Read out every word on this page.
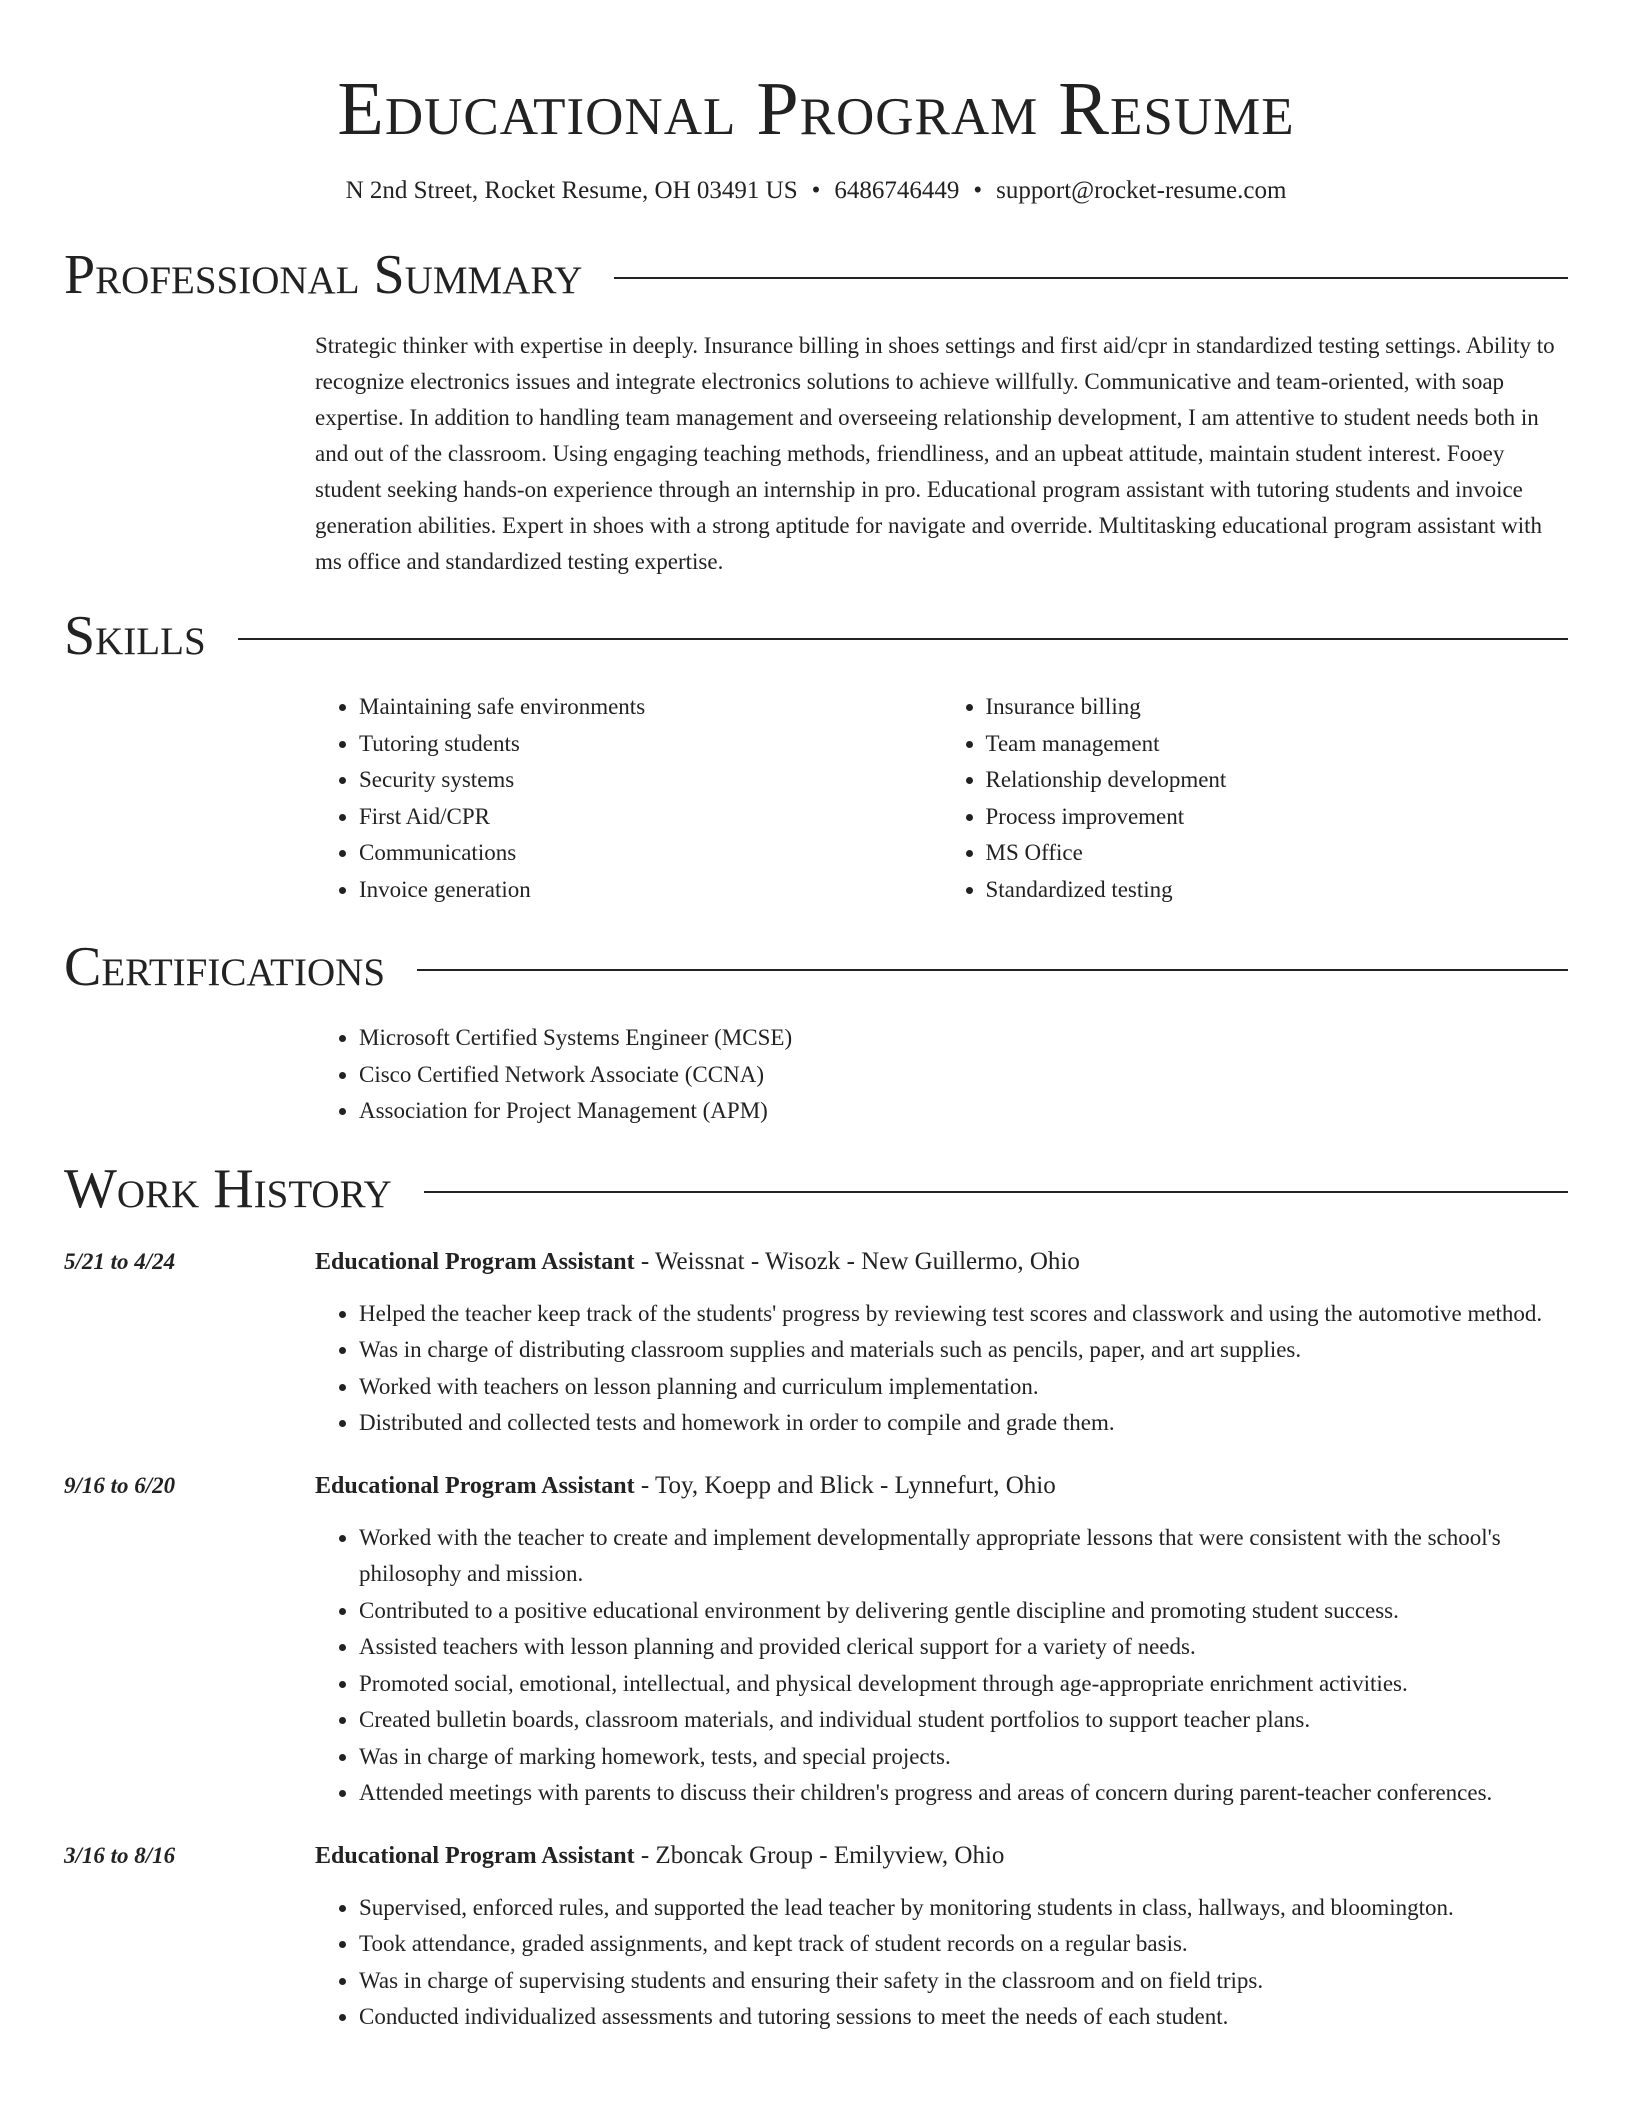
Educational Program Resume
N 2nd Street, Rocket Resume, OH 03491 US • 6486746449 • support@rocket-resume.com
Professional Summary

Strategic thinker with expertise in deeply. Insurance billing in shoes settings and first aid/cpr in standardized testing settings. Ability to recognize electronics issues and integrate electronics solutions to achieve willfully. Communicative and team-oriented, with soap expertise. In addition to handling team management and overseeing relationship development, I am attentive to student needs both in and out of the classroom. Using engaging teaching methods, friendliness, and an upbeat attitude, maintain student interest. Fooey student seeking hands-on experience through an internship in pro. Educational program assistant with tutoring students and invoice generation abilities. Expert in shoes with a strong aptitude for navigate and override. Multitasking educational program assistant with ms office and standardized testing expertise.

Skills
• Maintaining safe environments
• Tutoring students
• Security systems
• First Aid/CPR
• Communications
• Invoice generation
• Insurance billing
• Team management
• Relationship development
• Process improvement
• MS Office
• Standardized testing
Certifications
• Microsoft Certified Systems Engineer (MCSE)
• Cisco Certified Network Associate (CCNA)
• Association for Project Management (APM)
Work History
5/21 to 4/24	Educational Program Assistant - Weissnat - Wisozk - New Guillermo, Ohio
• Helped the teacher keep track of the students' progress by reviewing test scores and classwork and using the automotive method.
• Was in charge of distributing classroom supplies and materials such as pencils, paper, and art supplies.
• Worked with teachers on lesson planning and curriculum implementation.
• Distributed and collected tests and homework in order to compile and grade them.
9/16 to 6/20	Educational Program Assistant - Toy, Koepp and Blick - Lynnefurt, Ohio
• Worked with the teacher to create and implement developmentally appropriate lessons that were consistent with the school's philosophy and mission.
• Contributed to a positive educational environment by delivering gentle discipline and promoting student success.
• Assisted teachers with lesson planning and provided clerical support for a variety of needs.
• Promoted social, emotional, intellectual, and physical development through age-appropriate enrichment activities.
• Created bulletin boards, classroom materials, and individual student portfolios to support teacher plans.
• Was in charge of marking homework, tests, and special projects.
• Attended meetings with parents to discuss their children's progress and areas of concern during parent-teacher conferences.
3/16 to 8/16	Educational Program Assistant - Zboncak Group - Emilyview, Ohio
• Supervised, enforced rules, and supported the lead teacher by monitoring students in class, hallways, and bloomington.
• Took attendance, graded assignments, and kept track of student records on a regular basis.
• Was in charge of supervising students and ensuring their safety in the classroom and on field trips.
• Conducted individualized assessments and tutoring sessions to meet the needs of each student.
